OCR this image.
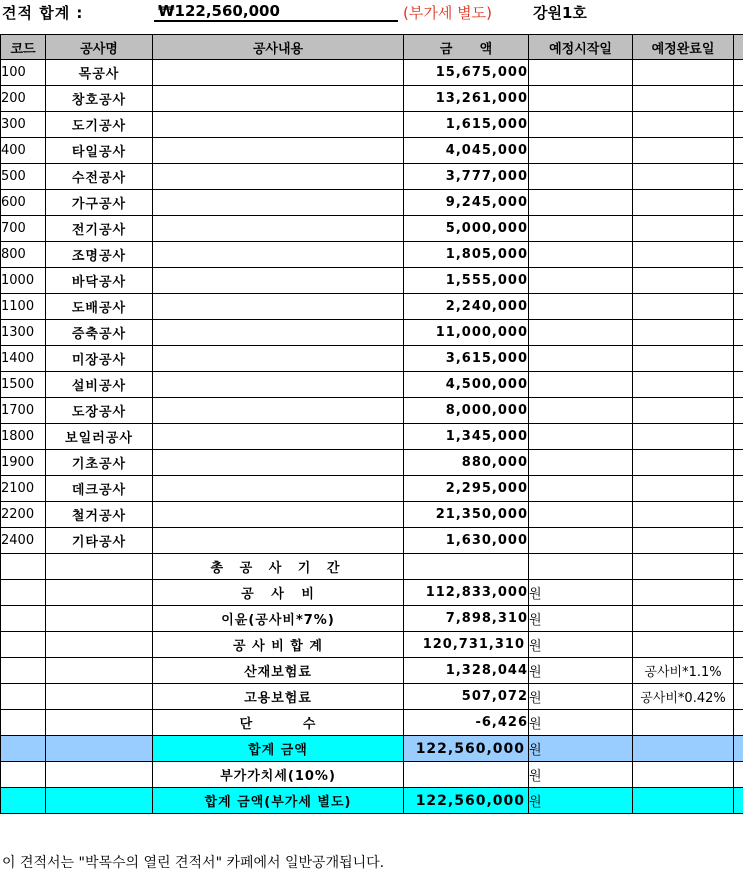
견적 합계 :	₩122,560,000	(부가세 별도)	강원1호
코드	공사명	공사내용	금      액	예정시작일	예정완료일	
100	목공사		15,675,000			
200	창호공사		13,261,000			
300	도기공사		1,615,000			
400	타일공사		4,045,000			
500	수전공사		3,777,000			
600	가구공사		9,245,000			
700	전기공사		5,000,000			
800	조명공사		1,805,000			
1000	바닥공사		1,555,000			
1100	도배공사		2,240,000			
1300	증축공사		11,000,000			
1400	미장공사		3,615,000			
1500	설비공사		4,500,000			
1700	도장공사		8,000,000			
1800	보일러공사		1,345,000			
1900	기초공사		880,000			
2100	데크공사		2,295,000			
2200	철거공사		21,350,000			
2400	기타공사		1,630,000			
		총 공 사 기 간				
		공   사   비	112,833,000	원		
		이윤(공사비*7%)	7,898,310	원		
		공 사 비 합 계	120,731,310	원		
		산재보험료	1,328,044	원	공사비*1.1%	
		고용보험료	507,072	원	공사비*0.42%	
		단         수	-6,426	원		
		합계 금액	122,560,000	원		
		부가가치세(10%)		원		
		합계 금액(부가세 별도)	122,560,000	원		
이 견적서는 "박목수의 열린 견적서" 카페에서 일반공개됩니다.
